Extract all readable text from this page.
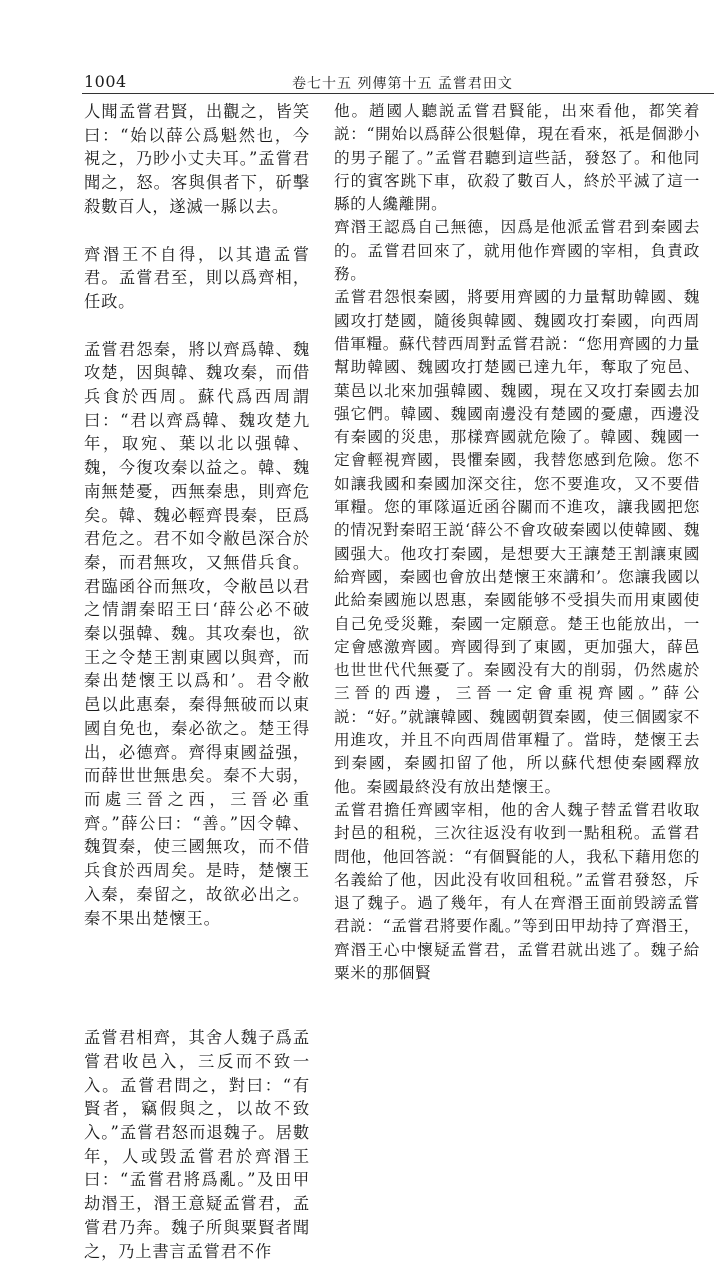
1004	卷七十五 列傳第十五 孟嘗君田文

人聞孟嘗君賢，出觀之，皆笑曰：“始以薛公爲魁然也，今視之，乃眇小丈夫耳。”孟嘗君聞之，怒。客與俱者下，斫擊殺數百人，遂滅一縣以去。

齊湣王不自得，以其遣孟嘗君。孟嘗君至，則以爲齊相，任政。

孟嘗君怨秦，將以齊爲韓、魏攻楚，因與韓、魏攻秦，而借兵食於西周。蘇代爲西周謂曰：“君以齊爲韓、魏攻楚九年，取宛、葉以北以强韓、魏，今復攻秦以益之。韓、魏南無楚憂，西無秦患，則齊危矣。韓、魏必輕齊畏秦，臣爲君危之。君不如令敝邑深合於秦，而君無攻，又無借兵食。君臨函谷而無攻，令敝邑以君之情謂秦昭王曰‘薛公必不破秦以强韓、魏。其攻秦也，欲王之令楚王割東國以與齊，而秦出楚懷王以爲和’。君令敝邑以此惠秦，秦得無破而以東國自免也，秦必欲之。楚王得出，必德齊。齊得東國益强，而薛世世無患矣。秦不大弱，而處三晉之西，三晉必重齊。”薛公曰：“善。”因令韓、魏賀秦，使三國無攻，而不借兵食於西周矣。是時，楚懷王入秦，秦留之，故欲必出之。秦不果出楚懷王。

孟嘗君相齊，其舍人魏子爲孟嘗君收邑入，三反而不致一入。孟嘗君問之，對曰：“有賢者，竊假與之，以故不致入。”孟嘗君怒而退魏子。居數年，人或毁孟嘗君於齊湣王曰：“孟嘗君將爲亂。”及田甲劫湣王，湣王意疑孟嘗君，孟嘗君乃奔。魏子所與粟賢者聞之，乃上書言孟嘗君不作

他。趙國人聽説孟嘗君賢能，出來看他，都笑着説：“開始以爲薛公很魁偉，現在看來，祇是個渺小的男子罷了。”孟嘗君聽到這些話，發怒了。和他同行的賓客跳下車，砍殺了數百人，終於平滅了這一縣的人纔離開。

齊湣王認爲自己無德，因爲是他派孟嘗君到秦國去的。孟嘗君回來了，就用他作齊國的宰相，負責政務。

孟嘗君怨恨秦國，將要用齊國的力量幫助韓國、魏國攻打楚國，隨後與韓國、魏國攻打秦國，向西周借軍糧。蘇代替西周對孟嘗君説：“您用齊國的力量幫助韓國、魏國攻打楚國已達九年，奪取了宛邑、葉邑以北來加强韓國、魏國，現在又攻打秦國去加强它們。韓國、魏國南邊没有楚國的憂慮，西邊没有秦國的災患，那樣齊國就危險了。韓國、魏國一定會輕視齊國，畏懼秦國，我替您感到危險。您不如讓我國和秦國加深交往，您不要進攻，又不要借軍糧。您的軍隊逼近函谷關而不進攻，讓我國把您的情况對秦昭王説‘薛公不會攻破秦國以使韓國、魏國强大。他攻打秦國，是想要大王讓楚王割讓東國給齊國，秦國也會放出楚懷王來講和’。您讓我國以此給秦國施以恩惠，秦國能够不受損失而用東國使自己免受災難，秦國一定願意。楚王也能放出，一定會感激齊國。齊國得到了東國，更加强大，薛邑也世世代代無憂了。秦國没有大的削弱，仍然處於三晉的西邊，三晉一定會重視齊國。”薛公説：“好。”就讓韓國、魏國朝賀秦國，使三個國家不用進攻，并且不向西周借軍糧了。當時，楚懷王去到秦國，秦國扣留了他，所以蘇代想使秦國釋放他。秦國最終没有放出楚懷王。

孟嘗君擔任齊國宰相，他的舍人魏子替孟嘗君收取封邑的租税，三次往返没有收到一點租税。孟嘗君問他，他回答説：“有個賢能的人，我私下藉用您的名義給了他，因此没有收回租税。”孟嘗君發怒，斥退了魏子。過了幾年，有人在齊湣王面前毁謗孟嘗君説：“孟嘗君將要作亂。”等到田甲劫持了齊湣王，齊湣王心中懷疑孟嘗君，孟嘗君就出逃了。魏子給粟米的那個賢
